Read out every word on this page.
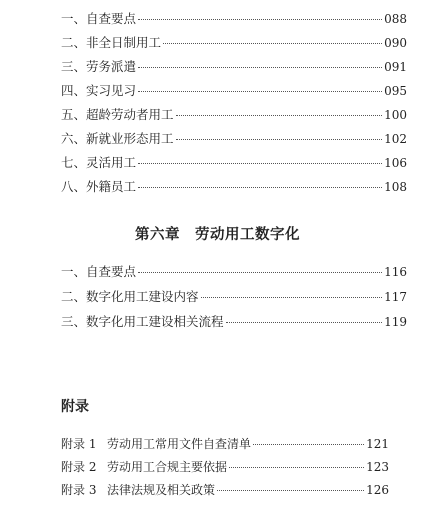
一、自查要点	088
二、非全日制用工	090
三、劳务派遣	091
四、实习见习	095
五、超龄劳动者用工	100
六、新就业形态用工	102
七、灵活用工	106
八、外籍员工	108
第六章　劳动用工数字化
一、自查要点	116
二、数字化用工建设内容	117
三、数字化用工建设相关流程	119
附录
附录 1 劳动用工常用文件自查清单	121
附录 2 劳动用工合规主要依据	123
附录 3 法律法规及相关政策	126
